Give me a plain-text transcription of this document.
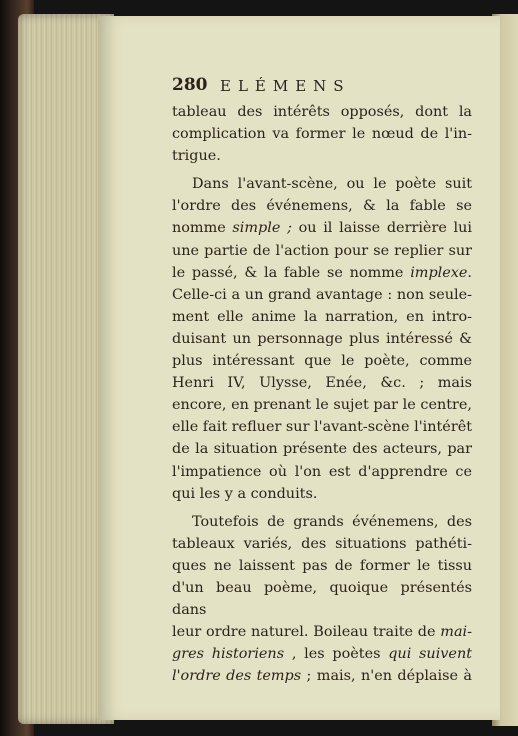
280 ELÉMENS

tableau des intérêts opposés, dont la

complication va former le nœud de l'in-

trigue.

Dans l'avant-scène, ou le poète suit

l'ordre des événemens, & la fable se

nomme simple ; ou il laisse derrière lui

une partie de l'action pour se replier sur

le passé, & la fable se nomme implexe.

Celle-ci a un grand avantage : non seule-

ment elle anime la narration, en intro-

duisant un personnage plus intéressé &

plus intéressant que le poète, comme

Henri IV, Ulysse, Enée, &c. ; mais

encore, en prenant le sujet par le centre,

elle fait refluer sur l'avant-scène l'intérêt

de la situation présente des acteurs, par

l'impatience où l'on est d'apprendre ce

qui les y a conduits.

Toutefois de grands événemens, des

tableaux variés, des situations pathéti-

ques ne laissent pas de former le tissu

d'un beau poème, quoique présentés dans

leur ordre naturel. Boileau traite de mai-

gres historiens , les poètes qui suivent

l'ordre des temps ; mais, n'en déplaise à
